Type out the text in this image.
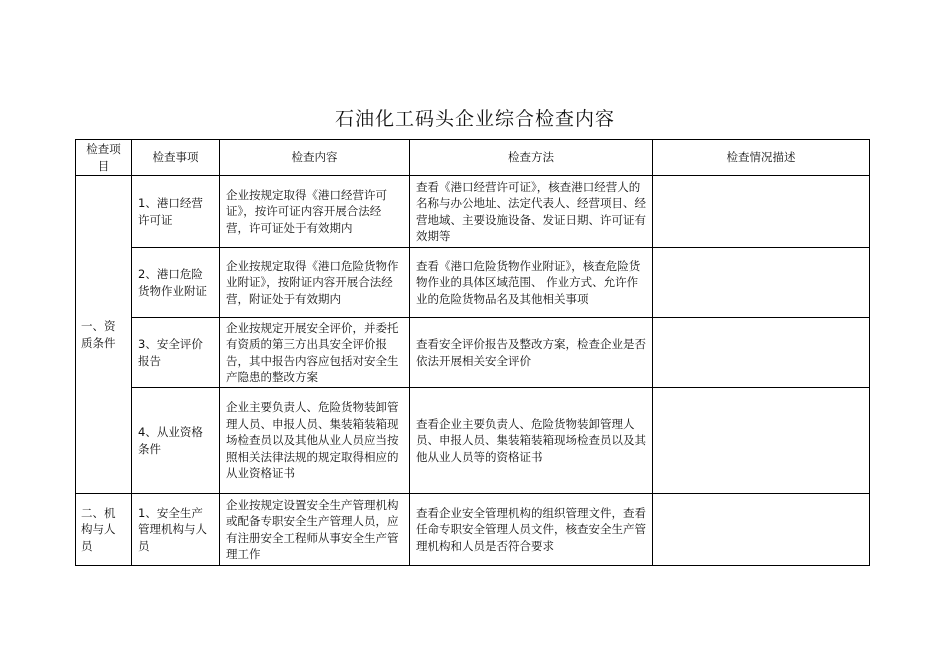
石油化工码头企业综合检查内容
检查项目	检查事项	检查内容	检查方法	检查情况描述
一、资质条件	1、港口经营许可证	企业按规定取得《港口经营许可证》，按许可证内容开展合法经营，许可证处于有效期内	查看《港口经营许可证》，核查港口经营人的名称与办公地址、法定代表人、经营项目、经营地域、主要设施设备、发证日期、许可证有效期等	
	2、港口危险货物作业附证	企业按规定取得《港口危险货物作业附证》，按附证内容开展合法经营，附证处于有效期内	查看《港口危险货物作业附证》，核查危险货物作业的具体区域范围、 作业方式、允许作业的危险货物品名及其他相关事项	
	3、安全评价报告	企业按规定开展安全评价，并委托有资质的第三方出具安全评价报告，其中报告内容应包括对安全生产隐患的整改方案	查看安全评价报告及整改方案，检查企业是否依法开展相关安全评价	
	4、从业资格条件	企业主要负责人、危险货物装卸管理人员、申报人员、集装箱装箱现场检查员以及其他从业人员应当按照相关法律法规的规定取得相应的从业资格证书	查看企业主要负责人、危险货物装卸管理人员、申报人员、集装箱装箱现场检查员以及其他从业人员等的资格证书	
二、机构与人员	1、安全生产管理机构与人员	企业按规定设置安全生产管理机构或配备专职安全生产管理人员，应有注册安全工程师从事安全生产管理工作	查看企业安全管理机构的组织管理文件，查看任命专职安全管理人员文件，核查安全生产管理机构和人员是否符合要求	
